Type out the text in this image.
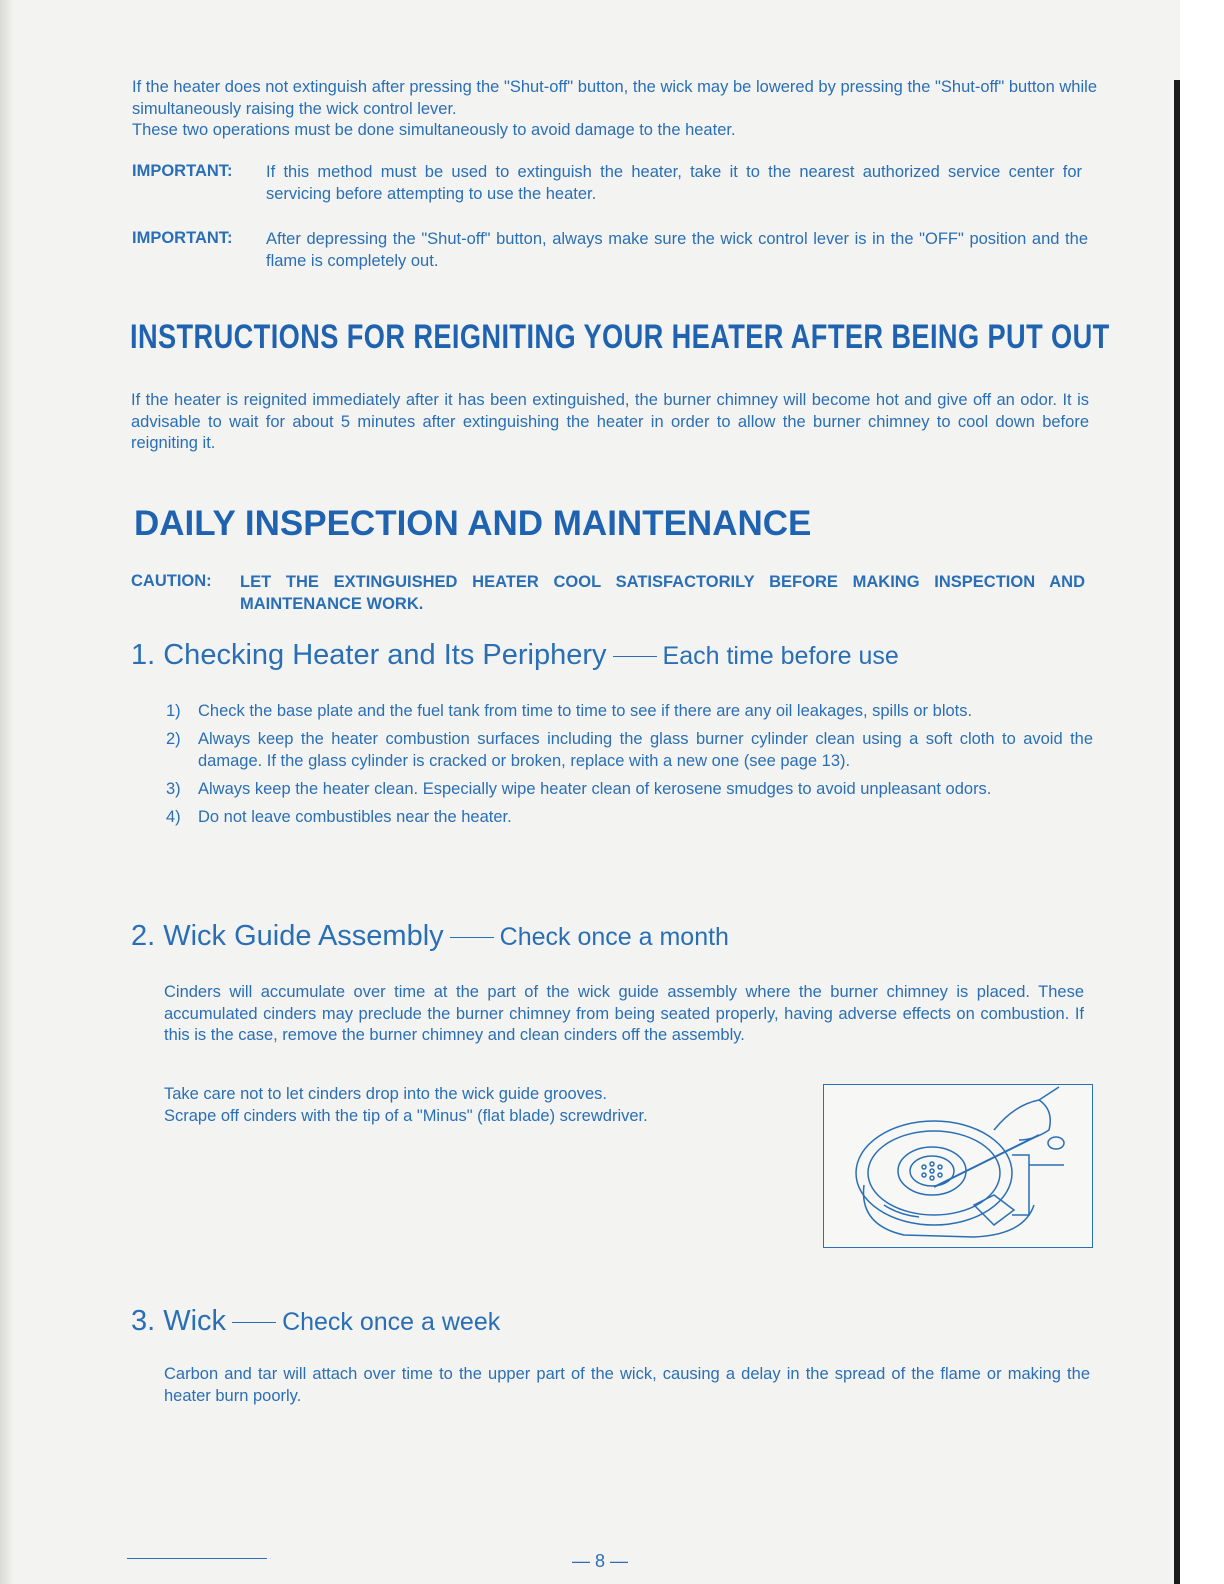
If the heater does not extinguish after pressing the "Shut-off" button, the wick may be lowered by pressing the "Shut-off" button while simultaneously raising the wick control lever.
These two operations must be done simultaneously to avoid damage to the heater.
IMPORTANT: If this method must be used to extinguish the heater, take it to the nearest authorized service center for servicing before attempting to use the heater.
IMPORTANT: After depressing the "Shut-off" button, always make sure the wick control lever is in the "OFF" position and the flame is completely out.
INSTRUCTIONS FOR REIGNITING YOUR HEATER AFTER BEING PUT OUT
If the heater is reignited immediately after it has been extinguished, the burner chimney will become hot and give off an odor. It is advisable to wait for about 5 minutes after extinguishing the heater in order to allow the burner chimney to cool down before reigniting it.
DAILY INSPECTION AND MAINTENANCE
CAUTION: LET THE EXTINGUISHED HEATER COOL SATISFACTORILY BEFORE MAKING INSPECTION AND MAINTENANCE WORK.
1. Checking Heater and Its Periphery Each time before use
1) Check the base plate and the fuel tank from time to time to see if there are any oil leakages, spills or blots.
2) Always keep the heater combustion surfaces including the glass burner cylinder clean using a soft cloth to avoid the damage. If the glass cylinder is cracked or broken, replace with a new one (see page 13).
3) Always keep the heater clean. Especially wipe heater clean of kerosene smudges to avoid unpleasant odors.
4) Do not leave combustibles near the heater.
2. Wick Guide Assembly Check once a month
Cinders will accumulate over time at the part of the wick guide assembly where the burner chimney is placed. These accumulated cinders may preclude the burner chimney from being seated properly, having adverse effects on combustion. If this is the case, remove the burner chimney and clean cinders off the assembly.
Take care not to let cinders drop into the wick guide grooves.
Scrape off cinders with the tip of a "Minus" (flat blade) screwdriver.
3. Wick Check once a week
Carbon and tar will attach over time to the upper part of the wick, causing a delay in the spread of the flame or making the heater burn poorly.
— 8 —
